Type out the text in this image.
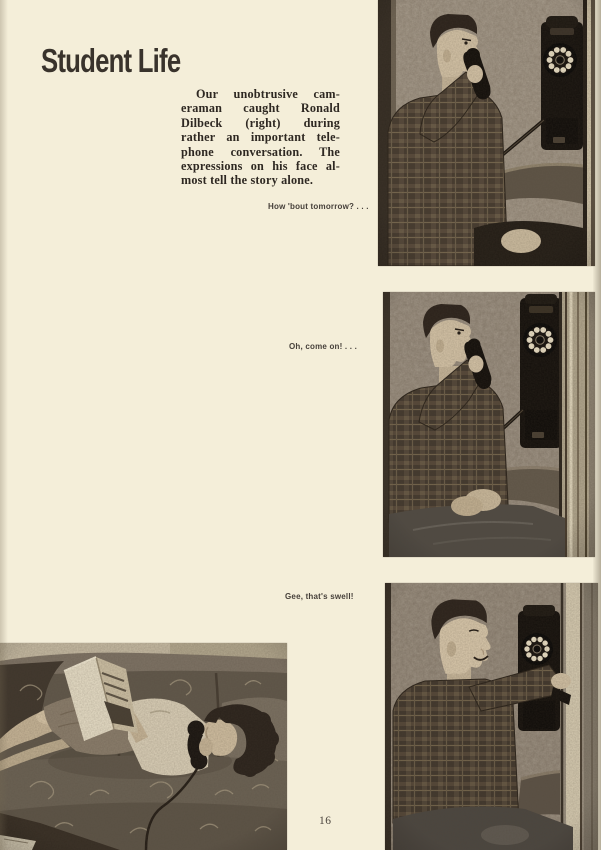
Student Life
Our unobtrusive cam-
eraman caught Ronald
Dilbeck (right) during
rather an important tele-
phone conversation. The
expressions on his face al-
most tell the story alone.
How 'bout tomorrow? . . .
Oh, come on! . . .
Gee, that's swell!
16
